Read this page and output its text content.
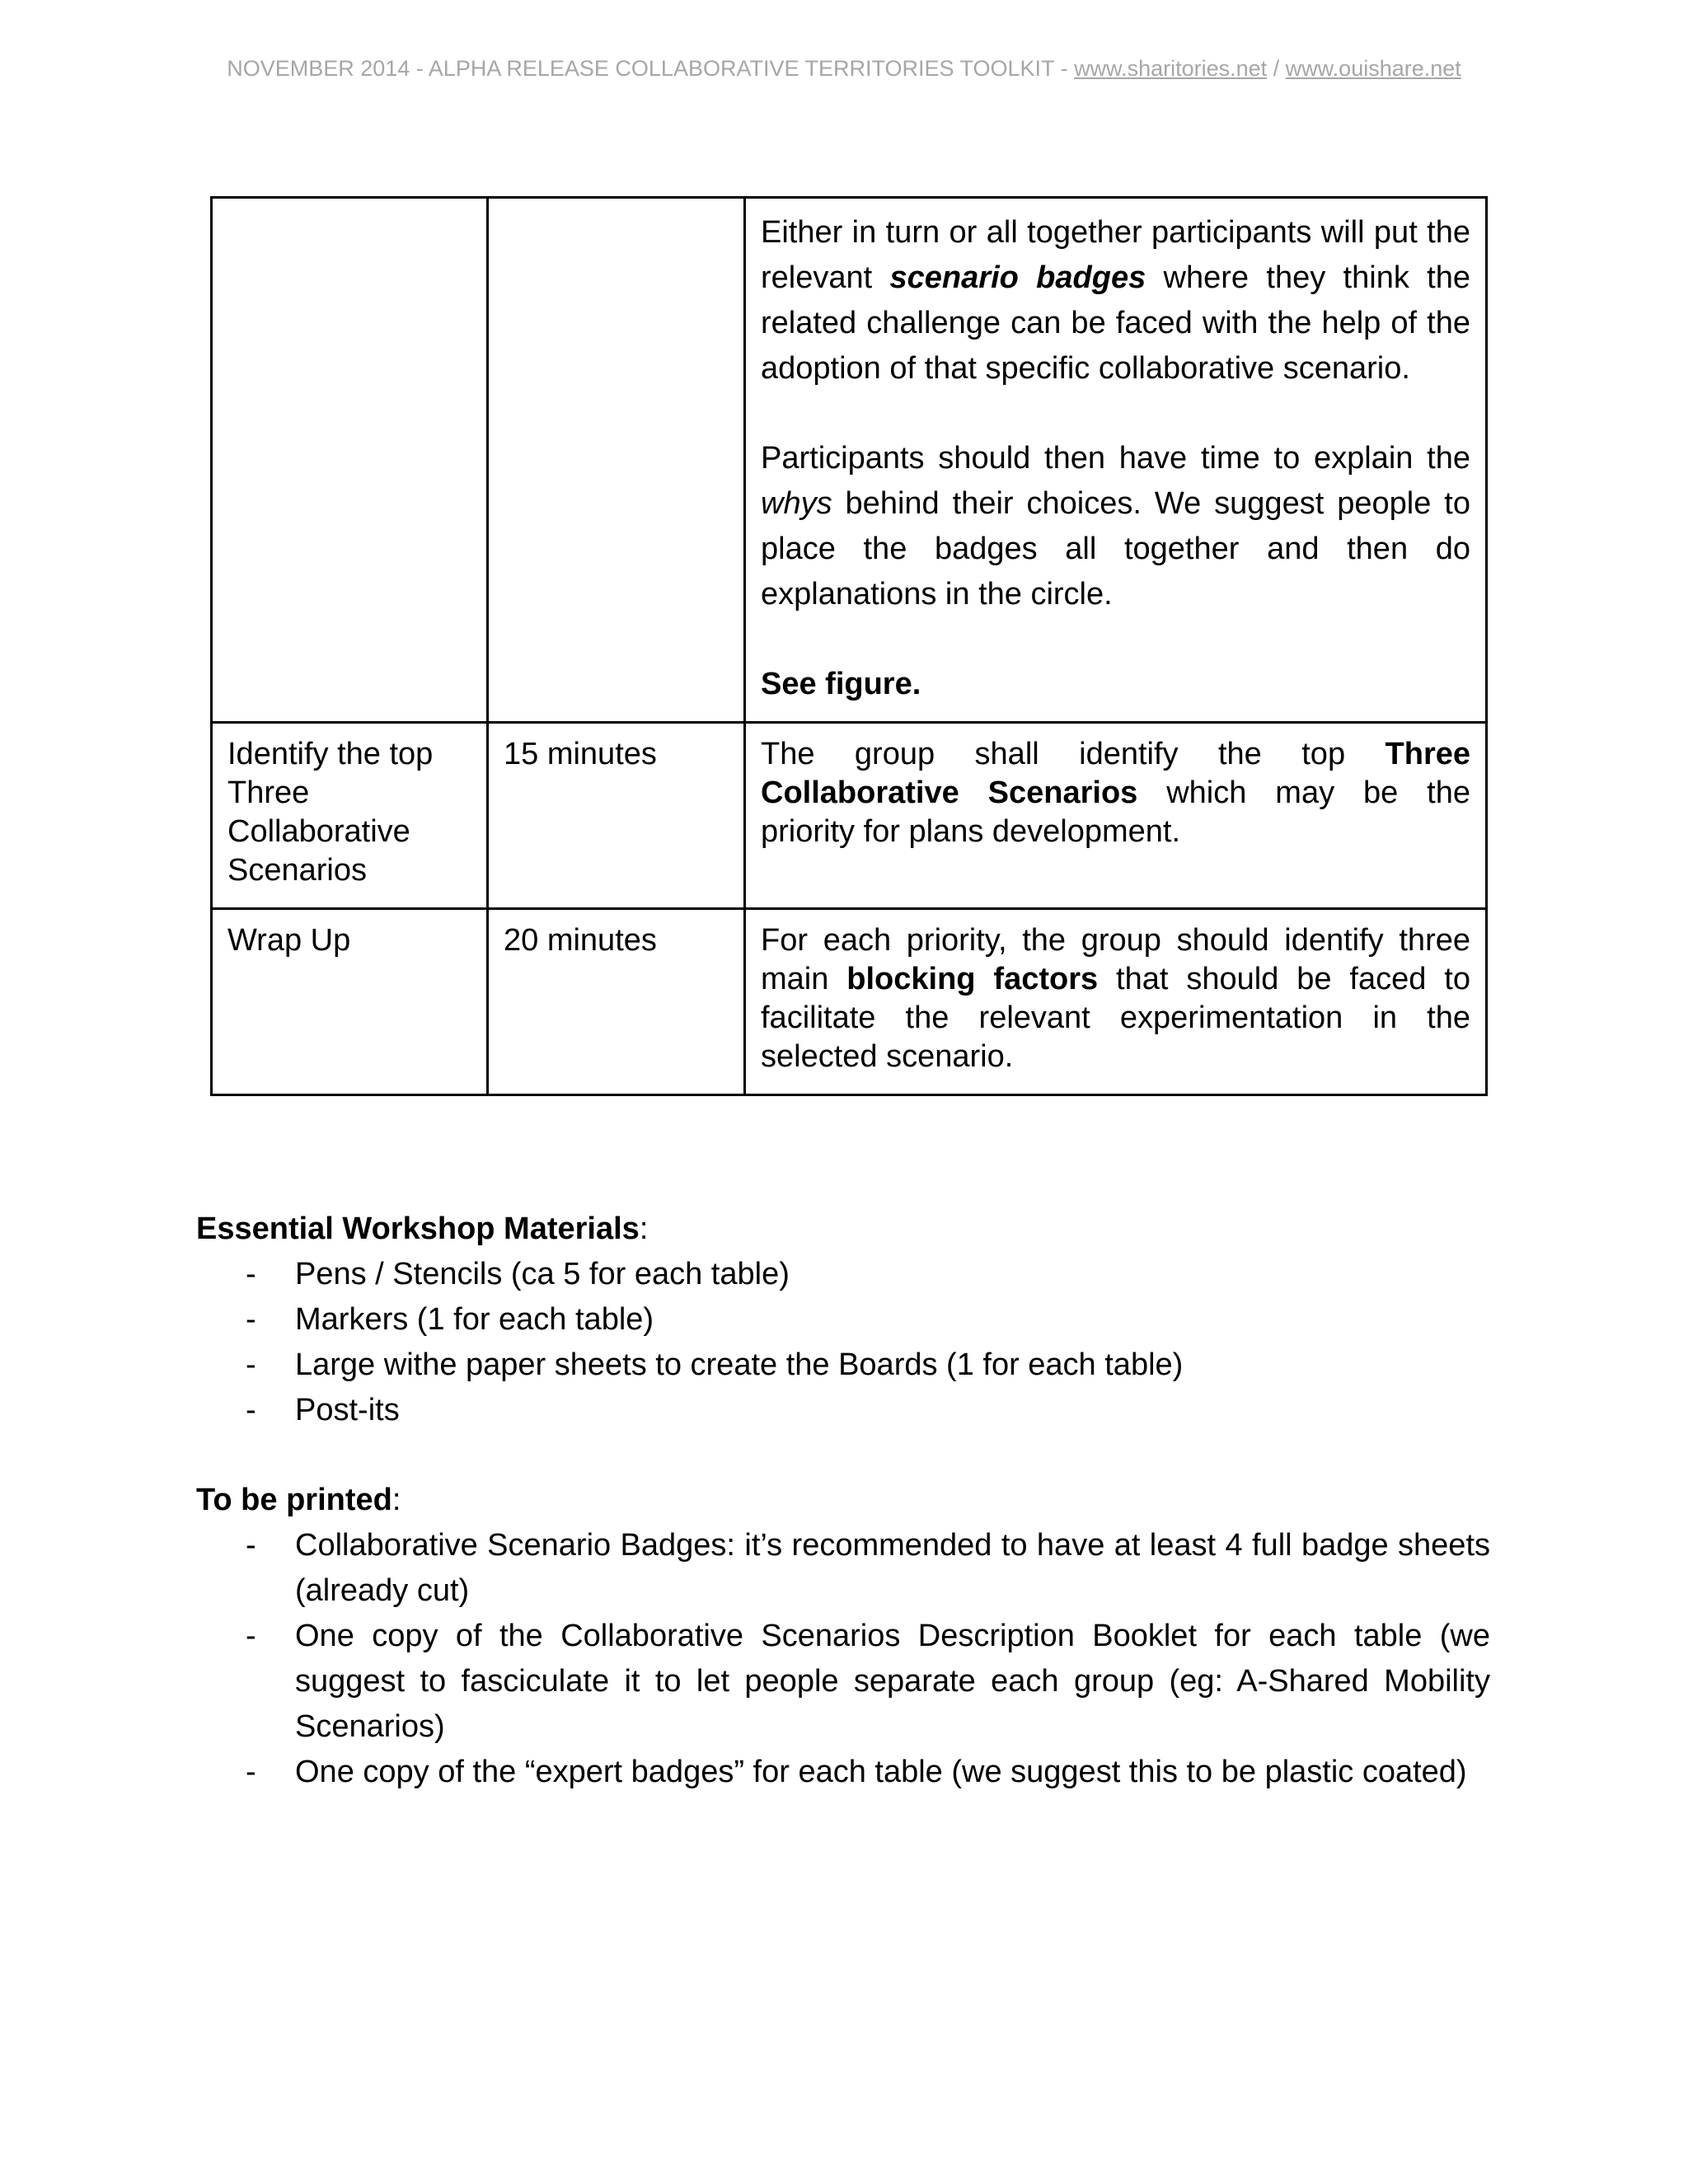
NOVEMBER 2014 - ALPHA RELEASE COLLABORATIVE TERRITORIES TOOLKIT - www.sharitories.net / www.ouishare.net

		Either in turn or all together participants will put the relevant scenario badges where they think the related challenge can be faced with the help of the adoption of that specific collaborative scenario.

Participants should then have time to explain the whys behind their choices. We suggest people to place the badges all together and then do explanations in the circle.

See figure.

Identify the top Three Collaborative Scenarios	15 minutes	The group shall identify the top Three Collaborative Scenarios which may be the priority for plans development.

Wrap Up	20 minutes	For each priority, the group should identify three main blocking factors that should be faced to facilitate the relevant experimentation in the selected scenario.

Essential Workshop Materials:
- Pens / Stencils (ca 5 for each table)
- Markers (1 for each table)
- Large withe paper sheets to create the Boards (1 for each table)
- Post-its
To be printed:
- Collaborative Scenario Badges: it’s recommended to have at least 4 full badge sheets (already cut)
- One copy of the Collaborative Scenarios Description Booklet for each table (we suggest to fasciculate it to let people separate each group (eg: A-Shared Mobility Scenarios)
- One copy of the “expert badges” for each table (we suggest this to be plastic coated)
